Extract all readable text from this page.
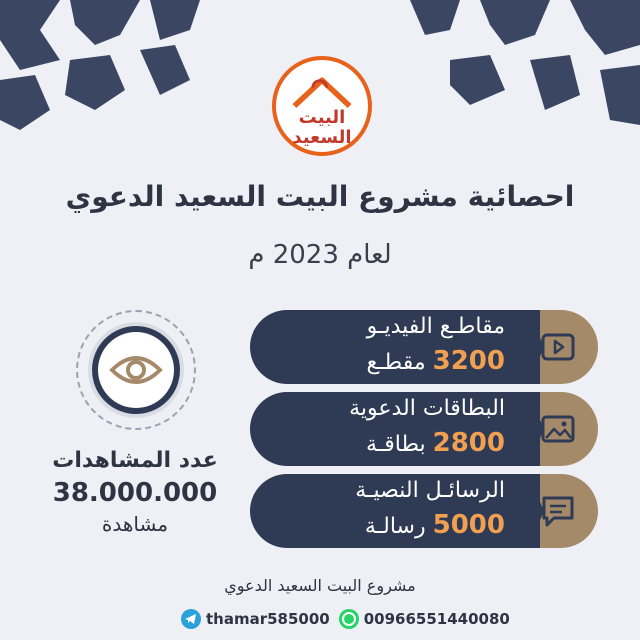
البيت السعيد
احصائية مشروع البيت السعيد الدعوي
لعام 2023 م
عدد المشاهدات
38.000.000
مشاهدة
مقاطـع الفيديـو
3200 مقطـع
البطاقات الدعوية
2800 بطاقـة
الرسائـل النصيـة
5000 رسالـة
مشروع البيت السعيد الدعوي
thamar585000 00966551440080
